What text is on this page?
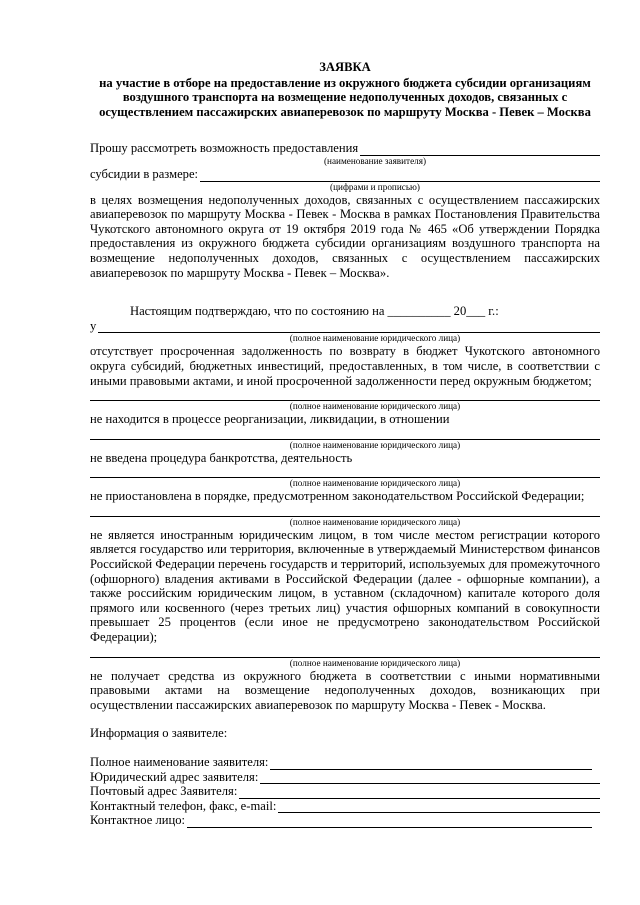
ЗАЯВКА
на участие в отборе на предоставление из окружного бюджета субсидии организациям
воздушного транспорта на возмещение недополученных доходов, связанных с
осуществлением пассажирских авиаперевозок по маршруту Москва - Певек – Москва
Прошу рассмотреть возможность предоставления
(наименование заявителя)
субсидии в размере:
(цифрами и прописью)
в целях возмещения недополученных доходов, связанных с осуществлением пассажирских авиаперевозок по маршруту Москва - Певек - Москва в рамках Постановления Правительства Чукотского автономного округа от 19 октября 2019 года № 465 «Об утверждении Порядка предоставления из окружного бюджета субсидии организациям воздушного транспорта на возмещение недополученных доходов, связанных с осуществлением пассажирских авиаперевозок по маршруту Москва - Певек – Москва».
Настоящим подтверждаю, что по состоянию на __________ 20___ г.:
у
(полное наименование юридического лица)
отсутствует просроченная задолженность по возврату в бюджет Чукотского автономного округа субсидий, бюджетных инвестиций, предоставленных, в том числе, в соответствии с иными правовыми актами, и иной просроченной задолженности перед окружным бюджетом;
(полное наименование юридического лица)
не находится в процессе реорганизации, ликвидации, в отношении
(полное наименование юридического лица)
не введена процедура банкротства, деятельность
(полное наименование юридического лица)
не приостановлена в порядке, предусмотренном законодательством Российской Федерации;
(полное наименование юридического лица)
не является иностранным юридическим лицом, в том числе местом регистрации которого является государство или территория, включенные в утверждаемый Министерством финансов Российской Федерации перечень государств и территорий, используемых для промежуточного (офшорного) владения активами в Российской Федерации (далее - офшорные компании), а также российским юридическим лицом, в уставном (складочном) капитале которого доля прямого или косвенного (через третьих лиц) участия офшорных компаний в совокупности превышает 25 процентов (если иное не предусмотрено законодательством Российской Федерации);
(полное наименование юридического лица)
не получает средства из окружного бюджета в соответствии с иными нормативными правовыми актами на возмещение недополученных доходов, возникающих при осуществлении пассажирских авиаперевозок по маршруту Москва - Певек - Москва.
Информация о заявителе:
Полное наименование заявителя:
Юридический адрес заявителя:
Почтовый адрес Заявителя:
Контактный телефон, факс, e-mail:
Контактное лицо:
